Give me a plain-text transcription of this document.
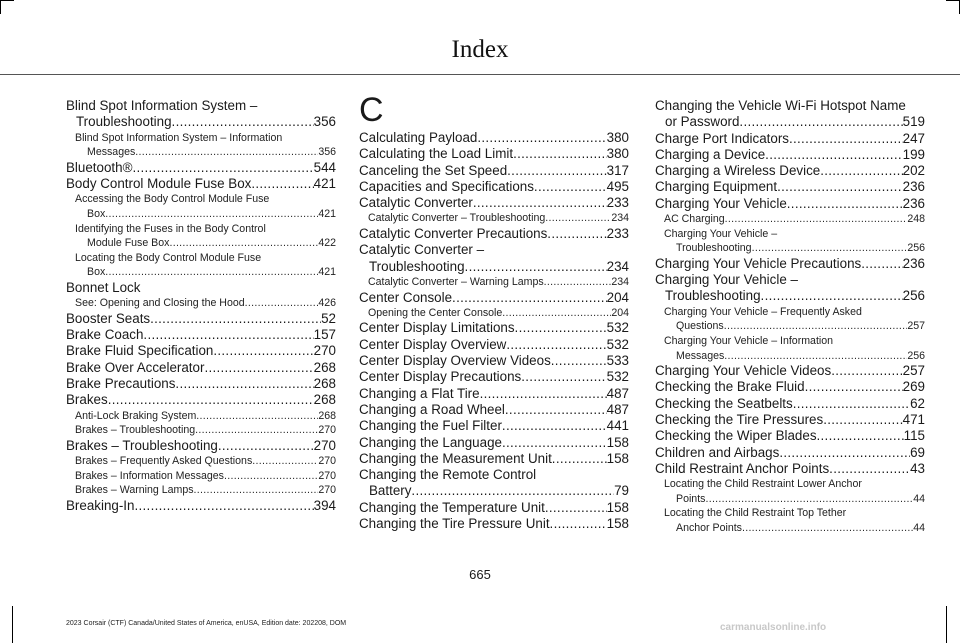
Index
Blind Spot Information System –
Troubleshooting .....	356
Blind Spot Information System – Information
Messages .....	356
Bluetooth® .....	544
Body Control Module Fuse Box .....	421
Accessing the Body Control Module Fuse
Box .....	421
Identifying the Fuses in the Body Control
Module Fuse Box .....	422
Locating the Body Control Module Fuse
Box .....	421
Bonnet Lock
See: Opening and Closing the Hood .....	426
Booster Seats .....	52
Brake Coach .....	157
Brake Fluid Specification .....	270
Brake Over Accelerator .....	268
Brake Precautions .....	268
Brakes .....	268
Anti-Lock Braking System .....	268
Brakes – Troubleshooting .....	270
Brakes – Troubleshooting .....	270
Brakes – Frequently Asked Questions .....	270
Brakes – Information Messages .....	270
Brakes – Warning Lamps .....	270
Breaking-In .....	394
C
Calculating Payload .....	380
Calculating the Load Limit .....	380
Canceling the Set Speed .....	317
Capacities and Specifications .....	495
Catalytic Converter .....	233
Catalytic Converter – Troubleshooting .....	234
Catalytic Converter Precautions .....	233
Catalytic Converter –
Troubleshooting .....	234
Catalytic Converter – Warning Lamps .....	234
Center Console .....	204
Opening the Center Console .....	204
Center Display Limitations .....	532
Center Display Overview .....	532
Center Display Overview Videos .....	533
Center Display Precautions .....	532
Changing a Flat Tire .....	487
Changing a Road Wheel .....	487
Changing the Fuel Filter .....	441
Changing the Language .....	158
Changing the Measurement Unit .....	158
Changing the Remote Control
Battery .....	79
Changing the Temperature Unit .....	158
Changing the Tire Pressure Unit .....	158
Changing the Vehicle Wi-Fi Hotspot Name
or Password .....	519
Charge Port Indicators .....	247
Charging a Device .....	199
Charging a Wireless Device .....	202
Charging Equipment .....	236
Charging Your Vehicle .....	236
AC Charging .....	248
Charging Your Vehicle –
Troubleshooting .....	256
Charging Your Vehicle Precautions .....	236
Charging Your Vehicle –
Troubleshooting .....	256
Charging Your Vehicle – Frequently Asked
Questions .....	257
Charging Your Vehicle – Information
Messages .....	256
Charging Your Vehicle Videos .....	257
Checking the Brake Fluid .....	269
Checking the Seatbelts .....	62
Checking the Tire Pressures .....	471
Checking the Wiper Blades .....	115
Children and Airbags .....	69
Child Restraint Anchor Points .....	43
Locating the Child Restraint Lower Anchor
Points .....	44
Locating the Child Restraint Top Tether
Anchor Points .....	44
665
2023 Corsair (CTF) Canada/United States of America, enUSA, Edition date: 202208, DOM	carmanualsonline.info
